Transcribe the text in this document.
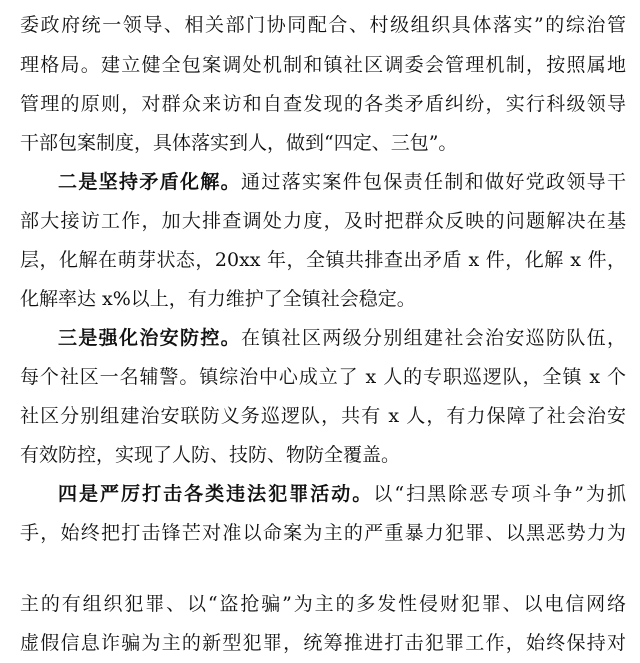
委政府统一领导、相关部门协同配合、村级组织具体落实”的综治管
理格局。建立健全包案调处机制和镇社区调委会管理机制，按照属地
管理的原则，对群众来访和自查发现的各类矛盾纠纷，实行科级领导
干部包案制度，具体落实到人，做到“四定、三包”。
二是坚持矛盾化解。通过落实案件包保责任制和做好党政领导干
部大接访工作，加大排查调处力度，及时把群众反映的问题解决在基
层，化解在萌芽状态，20xx 年，全镇共排查出矛盾 x 件，化解 x 件，
化解率达 x%以上，有力维护了全镇社会稳定。
三是强化治安防控。在镇社区两级分别组建社会治安巡防队伍，
每个社区一名辅警。镇综治中心成立了 x 人的专职巡逻队，全镇 x 个
社区分别组建治安联防义务巡逻队，共有 x 人，有力保障了社会治安
有效防控，实现了人防、技防、物防全覆盖。
四是严厉打击各类违法犯罪活动。以“扫黑除恶专项斗争”为抓
手，始终把打击锋芒对准以命案为主的严重暴力犯罪、以黑恶势力为
主的有组织犯罪、以“盗抢骗”为主的多发性侵财犯罪、以电信网络
虚假信息诈骗为主的新型犯罪，统筹推进打击犯罪工作，始终保持对
